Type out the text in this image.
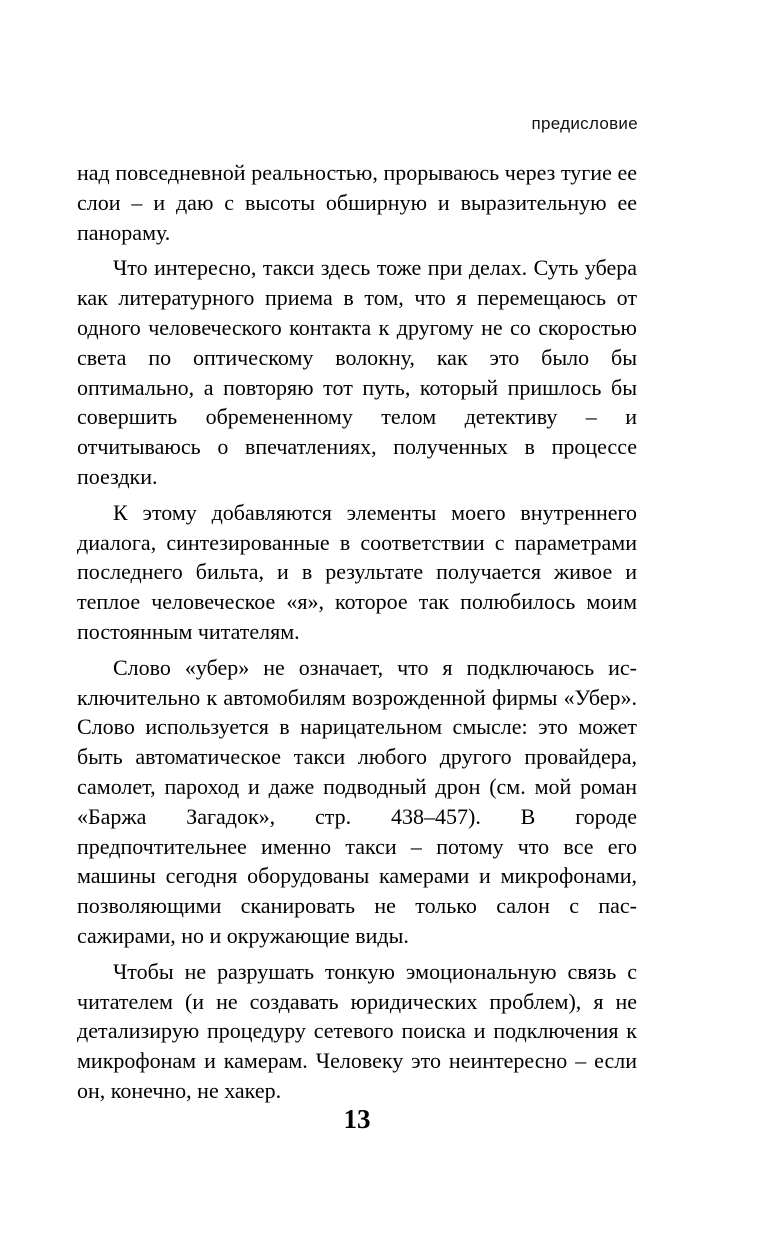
предисловие

над повседневной реальностью, прорываюсь через тугие ее слои – и даю с высоты обширную и выразительную ее панораму.

Что интересно, такси здесь тоже при делах. Суть убера как литературного приема в том, что я перемещаюсь от одного человеческого контакта к другому не со скоростью света по оптическому волокну, как это было бы оптимально, а повторяю тот путь, который пришлось бы совершить обремененному телом детективу – и отчитываюсь о впечатлениях, полученных в процессе поездки.

К этому добавляются элементы моего внутреннего диалога, синтезированные в соответствии с параметрами последнего бильта, и в результате получается живое и теплое человеческое «я», которое так полюбилось моим постоянным читателям.

Слово «убер» не означает, что я подключаюсь исключительно к автомобилям возрожденной фирмы «Убер». Слово используется в нарицательном смысле: это может быть автоматическое такси любого другого провайдера, самолет, пароход и даже подводный дрон (см. мой роман «Баржа Загадок», стр. 438–457). В городе предпочтительнее именно такси – потому что все его машины сегодня оборудованы камерами и микрофонами, позволяющими сканировать не только салон с пассажирами, но и окружающие виды.

Чтобы не разрушать тонкую эмоциональную связь с читателем (и не создавать юридических проблем), я не детализирую процедуру сетевого поиска и подключения к микрофонам и камерам. Человеку это неинтересно – если он, конечно, не хакер.

13
